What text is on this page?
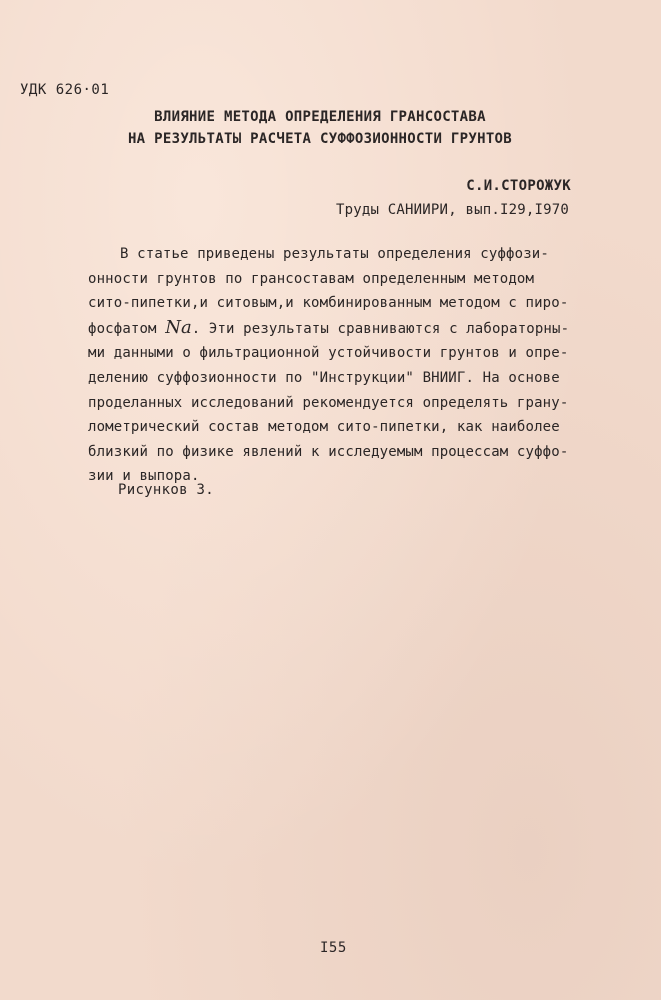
УДК 626·01
ВЛИЯНИЕ МЕТОДА ОПРЕДЕЛЕНИЯ ГРАНСОСТАВА
НА РЕЗУЛЬТАТЫ РАСЧЕТА СУФФОЗИОННОСТИ ГРУНТОВ
С.И.СТОРОЖУК
Труды САНИИРИ, вып.I29,I970
В статье приведены результаты определения суффози-
онности грунтов по грансоставам определенным методом
сито-пипетки,и ситовым,и комбинированным методом с пиро-
фосфатом Na. Эти результаты сравниваются с лабораторны-
ми данными о фильтрационной устойчивости грунтов и опре-
делению суффозионности по "Инструкции" ВНИИГ. На основе
проделанных исследований рекомендуется определять грану-
лометрический состав методом сито-пипетки, как наиболее
близкий по физике явлений к исследуемым процессам суффо-
зии и выпора.
Рисунков 3.
I55
